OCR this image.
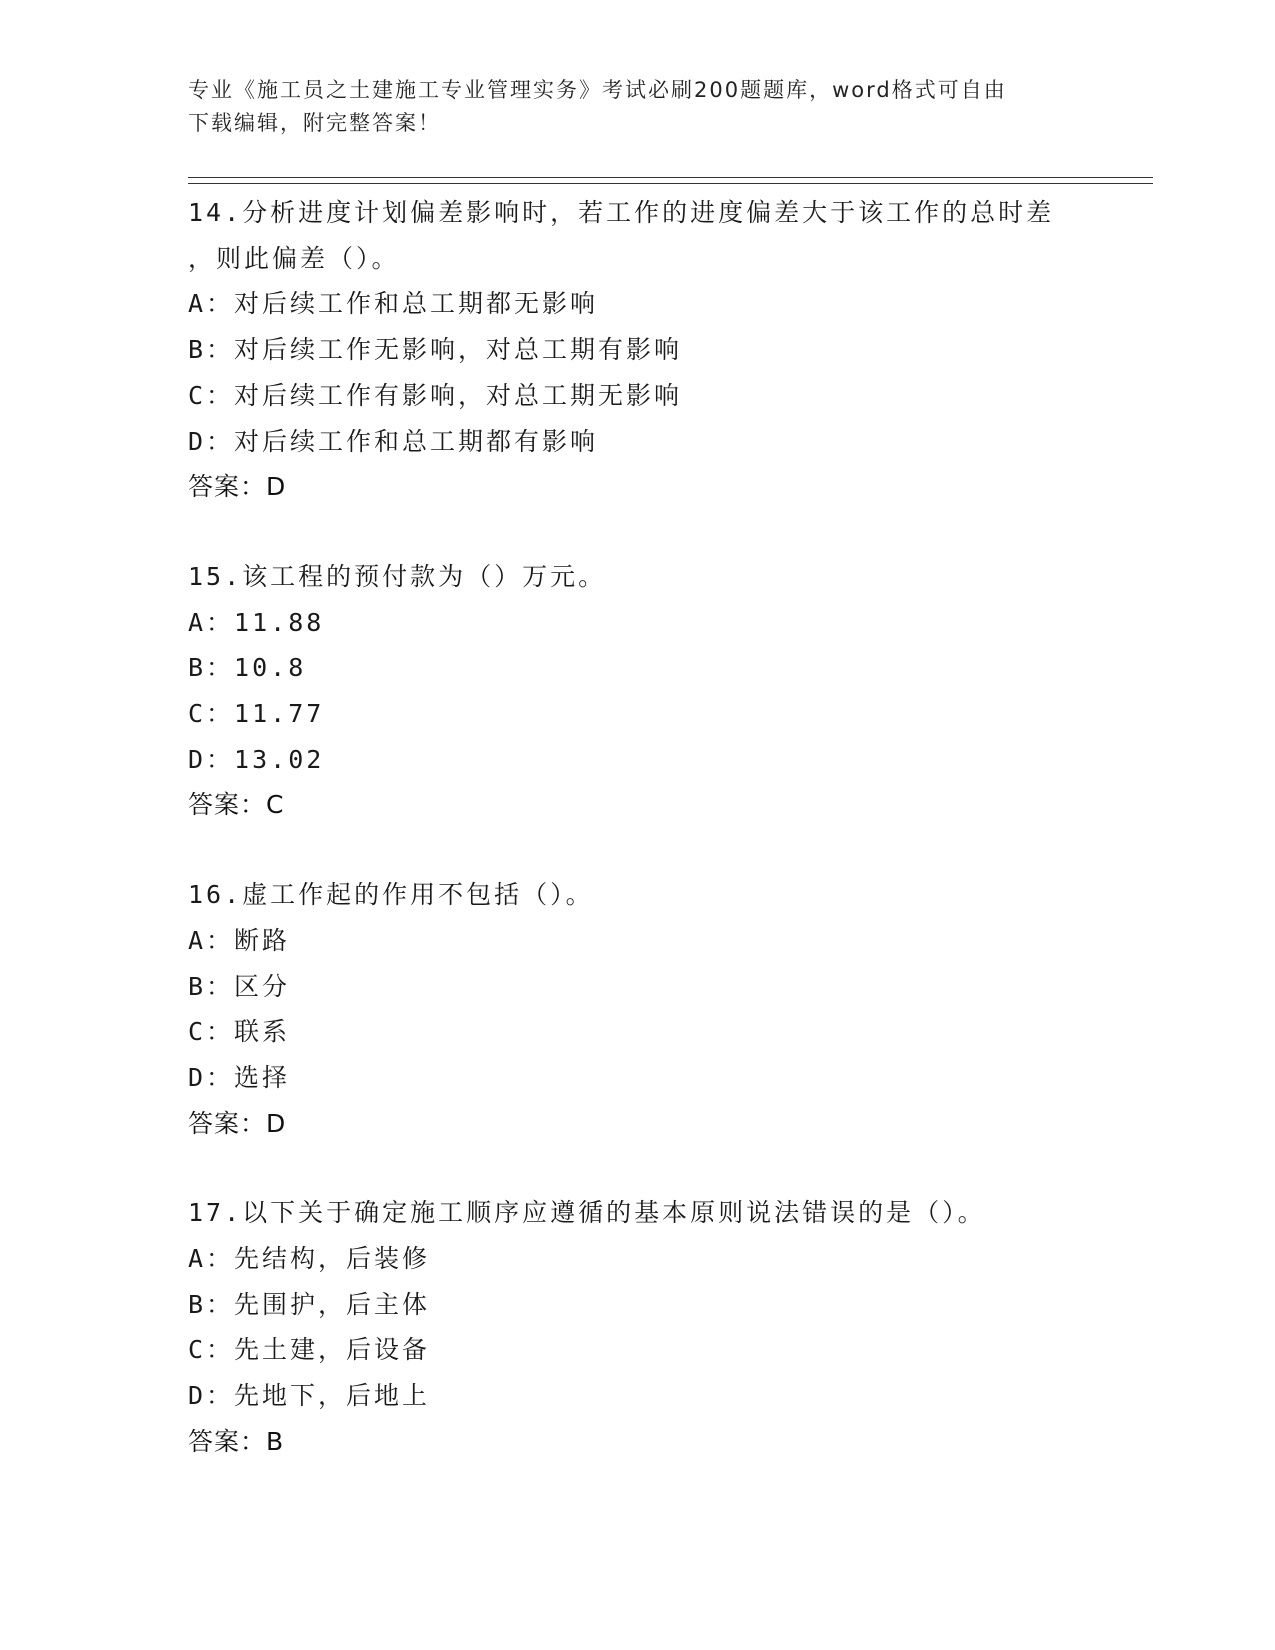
专业《施工员之土建施工专业管理实务》考试必刷200题题库，word格式可自由
下载编辑，附完整答案！
14.分析进度计划偏差影响时，若工作的进度偏差大于该工作的总时差
，则此偏差（）。
A：对后续工作和总工期都无影响
B：对后续工作无影响，对总工期有影响
C：对后续工作有影响，对总工期无影响
D：对后续工作和总工期都有影响
答案：D
15.该工程的预付款为（）万元。
A：11.88
B：10.8
C：11.77
D：13.02
答案：C
16.虚工作起的作用不包括（）。
A：断路
B：区分
C：联系
D：选择
答案：D
17.以下关于确定施工顺序应遵循的基本原则说法错误的是（）。
A：先结构，后装修
B：先围护，后主体
C：先土建，后设备
D：先地下，后地上
答案：B
